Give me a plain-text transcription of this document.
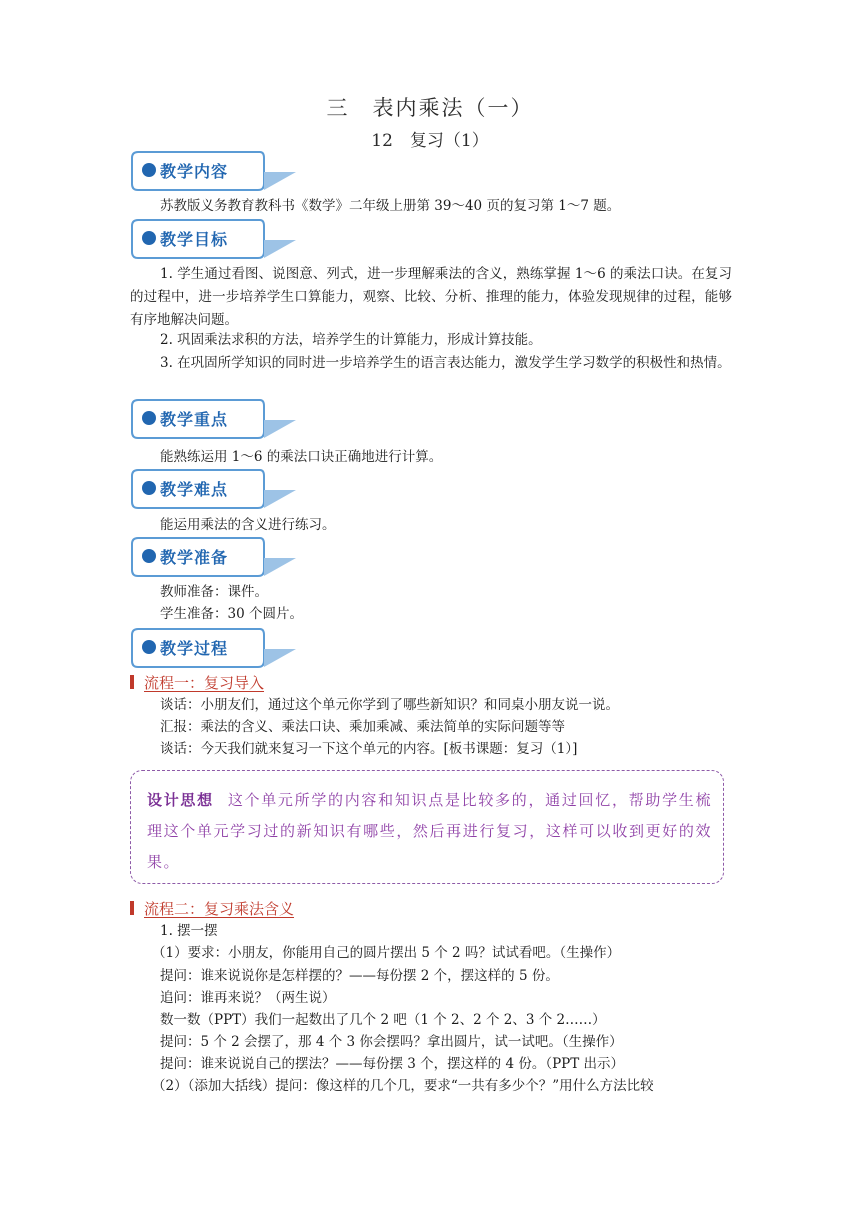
三　表内乘法（一）
12　复习（1）
教学内容
苏教版义务教育教科书《数学》二年级上册第 39～40 页的复习第 1～7 题。
教学目标
1. 学生通过看图、说图意、列式，进一步理解乘法的含义，熟练掌握 1～6 的乘法口诀。在复习的过程中，进一步培养学生口算能力，观察、比较、分析、推理的能力，体验发现规律的过程，能够有序地解决问题。
2. 巩固乘法求积的方法，培养学生的计算能力，形成计算技能。
3. 在巩固所学知识的同时进一步培养学生的语言表达能力，激发学生学习数学的积极性和热情。
教学重点
能熟练运用 1～6 的乘法口诀正确地进行计算。
教学难点
能运用乘法的含义进行练习。
教学准备
教师准备：课件。
学生准备：30 个圆片。
教学过程
流程一：复习导入
谈话：小朋友们，通过这个单元你学到了哪些新知识？和同桌小朋友说一说。
汇报：乘法的含义、乘法口诀、乘加乘减、乘法简单的实际问题等等
谈话：今天我们就来复习一下这个单元的内容。[板书课题：复习（1）]
设计思想 这个单元所学的内容和知识点是比较多的，通过回忆，帮助学生梳理这个单元学习过的新知识有哪些，然后再进行复习，这样可以收到更好的效果。
流程二：复习乘法含义
1. 摆一摆
（1）要求：小朋友，你能用自己的圆片摆出 5 个 2 吗？试试看吧。（生操作）
提问：谁来说说你是怎样摆的？——每份摆 2 个，摆这样的 5 份。
追问：谁再来说？（两生说）
数一数（PPT）我们一起数出了几个 2 吧（1 个 2、2 个 2、3 个 2……）
提问：5 个 2 会摆了，那 4 个 3 你会摆吗？拿出圆片，试一试吧。（生操作）
提问：谁来说说自己的摆法？——每份摆 3 个，摆这样的 4 份。（PPT 出示）
（2）（添加大括线）提问：像这样的几个几，要求“一共有多少个？”用什么方法比较
